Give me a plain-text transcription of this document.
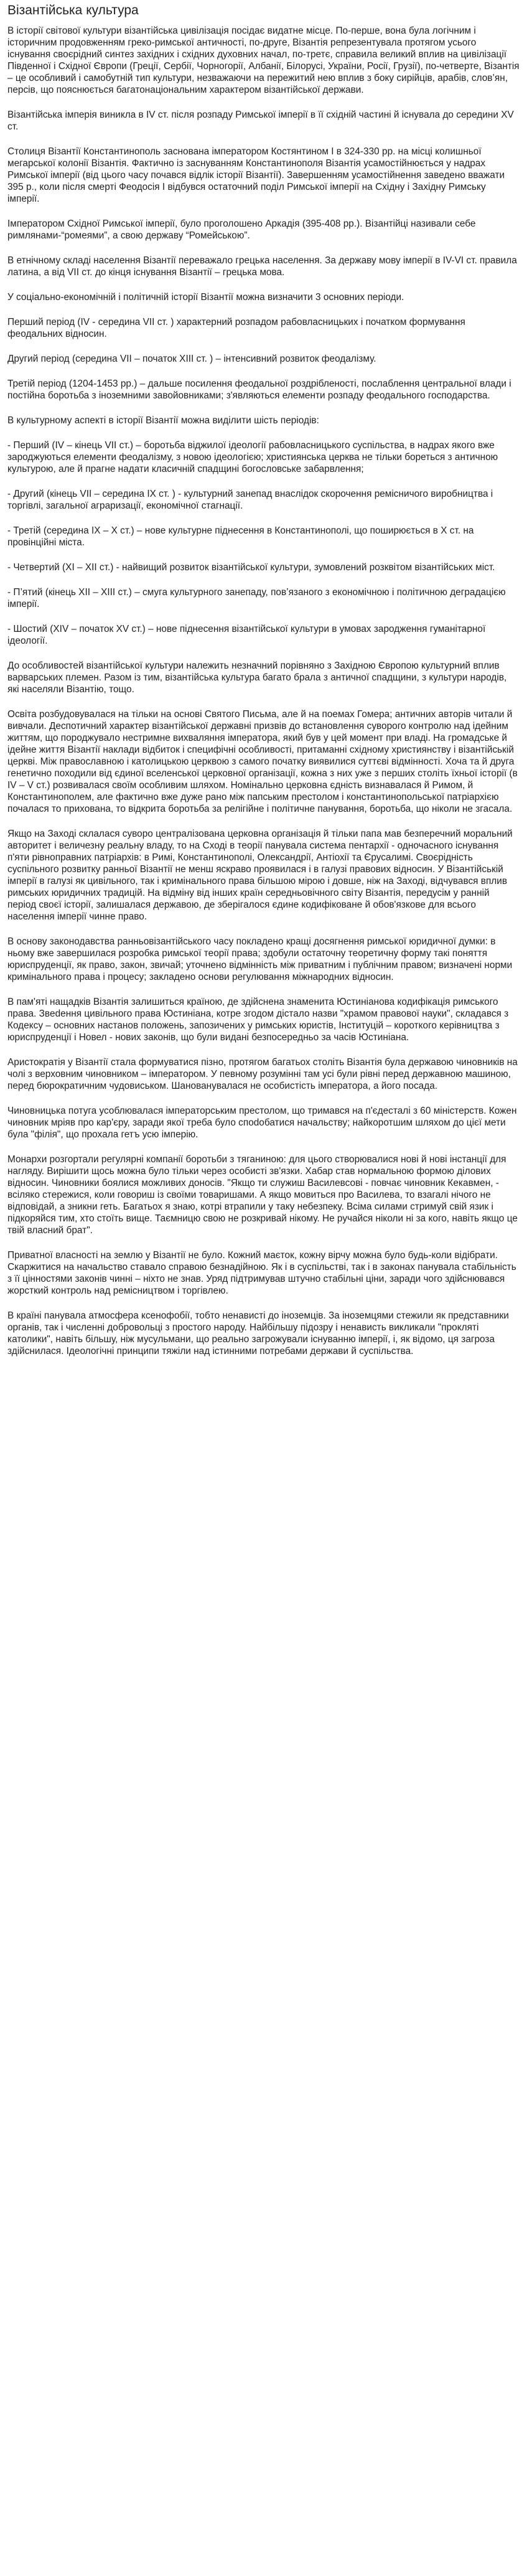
Візантійська культура

В історії світової культури візантійська цивілізація посідає видатне місце. По-перше, вона була логічним і історичним продовженням греко-римської античності, по-друге, Візантія репрезентувала протягом усього існування своєрідний синтез західних і східних духовних начал, по-третє, справила великий вплив на цивілізації Південної і Східної Європи (Греції, Сербії, Чорногорії, Албанії, Білорусі, України, Росії, Грузії), по-четверте, Візантія – це особливий і самобутній тип культури, незважаючи на пережитий нею вплив з боку сирійців, арабів, слов’ян, персів, що пояснюється багатонаціональним характером візантійської держави.

Візантійська імперія виникла в IV ст. після розпаду Римської імперії в її східній частині й існувала до середини XV ст.

Столиця Візантії Константинополь заснована імператором Костянтином I в 324-330 рр. на місці колишньої мегарської колонії Візантія. Фактично із заснуванням Константинополя Візантія усамостійнюється у надрах Римської імперії (від цього часу почався відлік історії Візантії). Завершенням усамостійнення заведено вважати 395 р., коли після смерті Феодосія I відбувся остаточний поділ Римської імперії на Східну і Західну Римську імперії.

Імператором Східної Римської імперії, було проголошено Аркадія (395-408 рр.). Візантійці називали себе римлянами-“ромеями”, а свою державу “Ромейською”.

В етнічному складі населення Візантії переважало грецька населення. За державу мову імперії в IV-VI ст. правила латина, а від VII ст. до кінця існування Візантії – грецька мова.

У соціально-економічній і політичній історії Візантії можна визначити 3 основних періоди.

Перший період (IV - середина VII ст. ) характерний розпадом рабовласницьких і початком формування феодальних відносин.

Другий період (середина VII – початок XIII ст. ) – інтенсивний розвиток феодалізму.

Третій період (1204-1453 рр.) – дальше посилення феодальної роздрібленості, послаблення центральної влади і постійна боротьба з іноземними завойовниками; з'являються елементи розпаду феодального господарства.

В культурному аспекті в історії Візантії можна виділити шість періодів:

- Перший (IV – кінець VII ст.) – боротьба віджилої ідеології рабовласницького суспільства, в надрах якого вже зароджуються елементи феодалізму, з новою ідеологією; християнська церква не тільки бореться з античною культурою, але й прагне надати класичній спадщині богословське забарвлення;

- Другий (кінець VII – середина IX ст. ) - культурний занепад внаслідок скорочення ремісничого виробництва і торгівлі, загальної аграризації, економічної стагнації.

- Третій (середина IX – Х ст.) – нове культурне піднесення в Константинополі, що поширюється в Х ст. на провінційні міста.

- Четвертий (XI – XII ст.) - найвищий розвиток візантійської культури, зумовлений розквітом візантійських міст.

- П’ятий (кінець XII – XIII ст.) – смуга культурного занепаду, пов’язаного з економічною і політичною деградацією імперії.

- Шостий (XIV – початок XV ст.) – нове піднесення візантійської культури в умовах зародження гуманітарної ідеології.

До особливостей візантійської культури належить незначний порівняно з Західною Європою культурний вплив варварських племен. Разом із тим, візантійська культура багато брала з античної спадщини, з культури народів, які населяли Візантію, тощо.

Освіта розбудовувалася на тільки на основі Святого Письма, але й на поемах Гомера; античних авторів читали й вивчали. Деспотичний характер візантійської державні призвів до встановлення суворого контролю над ідейним життям, що породжувало нестримне вихваляння імператора, який був у цей момент при владі. На громадське й ідейне життя Візантії наклади відбиток і специфічні особливості, притаманні східному християнству і візантійській церкві. Між православною і католицькою церквою з самого початку виявилися суттєві відмінності. Хоча та й друга генетично походили від єдиної вселенської церковної організації, кожна з них уже з перших століть їхньої історії (в IV – V ст.) розвивалася своїм особливим шляхом. Номінально церковна єдність визнавалася й Римом, й Константинополем, але фактично вже дуже рано між папським престолом і константинопольської патріархією почалася то прихована, то відкрита боротьба за релігійне і політичне панування, боротьба, що ніколи не згасала.

Якщо на Заході склалася суворо централізована церковна організація й тільки папа мав безперечний моральний авторитет і величезну реальну владу, то на Сході в теорії панувала система пентархії - одночасного існування п'яти рівноправних патріархів: в Римі, Константинополі, Олександрії, Антіохії та Єрусалимі. Своєрідність суспільного розвитку ранньої Візантії не менш яскраво проявилася і в галузі правових відносин. У Візантійській імперії в галузі як цивільного, так і кримінального права більшою мірою і довше, ніж на Заході, відчувався вплив римських юридичних традицій. На відміну від інших країн середньовічного світу Візантія, передусім у ранній період своєї історії, залишалася державою, де зберігалося єдине кодифіковане й обов'язкове для всього населення імперії чинне право.

В основу законодавства ранньовізантійського часу покладено кращі досягнення римської юридичної думки: в ньому вже завершилася розробка римської теорії права; здобули остаточну теоретичну форму такі поняття юриспруденції, як право, закон, звичай; уточнено відмінність між приватним і публічним правом; визначені норми кримінального права і процесу; закладено основи регулювання міжнародних відносин.

В пам'яті нащадків Візантія залишиться країною, де здійснена знаменита Юстиніанова кодифікація римського права. Звedення цивільного права Юстиніана, котре згодом дістало назви "храмом правової науки", складався з Кодексу – основних настанов положень, запозичених у римських юристів, Інституцій – короткого керівництва з юриспруденції і Новел - нових законів, що були видані безпосередньо за часів Юстиніана.

Аристократія у Візантії стала формуватися пізно, протягом багатьох століть Візантія була державою чиновників на чолі з верховним чиновником – імператором. У певному розумінні там усі були рівні перед державною машиною, перед бюрократичним чудовиськом. Шанованувалася не особистість імператора, а його посада.

Чиновницька потуга усоблювалася імператорським престолом, що тримався на п'єдесталі з 60 міністерств. Кожен чиновник мріяв про кар'єру, заради якої треба було спodобатися начальству; найкоротшим шляхом до цієї мети була "філія", що прохала гетъ усю імперію.

Монархи розгортали регулярні компанії боротьби з тяганиною: для цього створювалися нові й нові інстанції для нагляду. Вирішити щось можна було тільки через особисті зв'язки. Хабар став нормальною формою ділових відносин. Чиновники боялися можливих доносів. "Якщо ти служиш Василевсові - повчає чиновник Кекавмен, - всіляко стережися, коли говориш із своїми товаришами. А якщо мовиться про Василева, то взагалі нічого не відповідай, а зникни геть. Багатьох я знаю, котрі втрапили у таку небезпеку. Всіма силами стримуй свій язик і підкоряйся тим, хто стоїть вище. Таємницю свою не розкривай нікому. Не ручайся ніколи ні за кого, навіть якщо це твій власний брат".

Приватної власності на землю у Візантії не було. Кожний маєток, кожну вірчу можна було будь-коли відібрати. Скаржитися на начальство ставало справою безнадійною. Як і в суспільстві, так і в законах панувала стабільність з її цінностями законів чинні – ніхто не знав. Уряд підтримував штучно стабільні ціни, заради чого здійснювався жорсткий контроль над ремісництвом і торгівлею.

В країні панувала атмосфера ксенофобії, тобто ненависті до іноземців. За іноземцями стежили як представники органів, так і численні добровольці з простого народу. Найбільшу підозру і ненависть викликали "прокляті католики", навіть більшу, ніж мусульмани, що реально загрожували існуванню імперії, і, як відомо, ця загроза здійснилася. Ідеологічні принципи тяжіли над істинними потребами держави й суспільства.
